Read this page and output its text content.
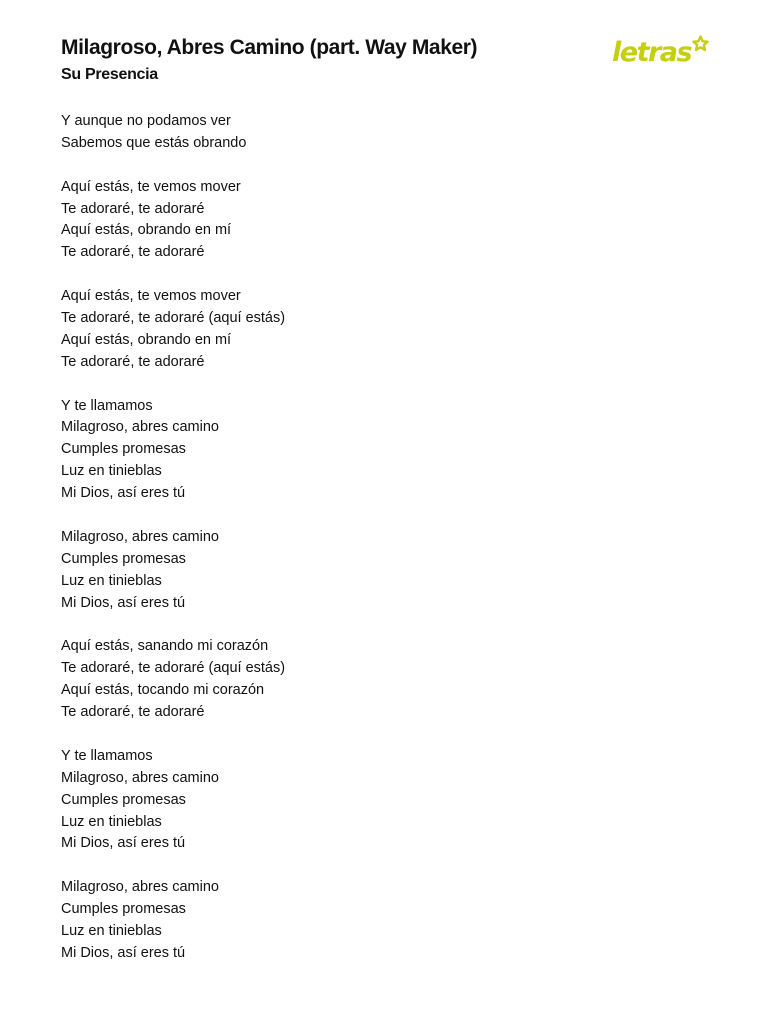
Milagroso, Abres Camino (part. Way Maker)
Su Presencia
letras
Y aunque no podamos ver
Sabemos que estás obrando
Aquí estás, te vemos mover
Te adoraré, te adoraré
Aquí estás, obrando en mí
Te adoraré, te adoraré
Aquí estás, te vemos mover
Te adoraré, te adoraré (aquí estás)
Aquí estás, obrando en mí
Te adoraré, te adoraré
Y te llamamos
Milagroso, abres camino
Cumples promesas
Luz en tinieblas
Mi Dios, así eres tú
Milagroso, abres camino
Cumples promesas
Luz en tinieblas
Mi Dios, así eres tú
Aquí estás, sanando mi corazón
Te adoraré, te adoraré (aquí estás)
Aquí estás, tocando mi corazón
Te adoraré, te adoraré
Y te llamamos
Milagroso, abres camino
Cumples promesas
Luz en tinieblas
Mi Dios, así eres tú
Milagroso, abres camino
Cumples promesas
Luz en tinieblas
Mi Dios, así eres tú
